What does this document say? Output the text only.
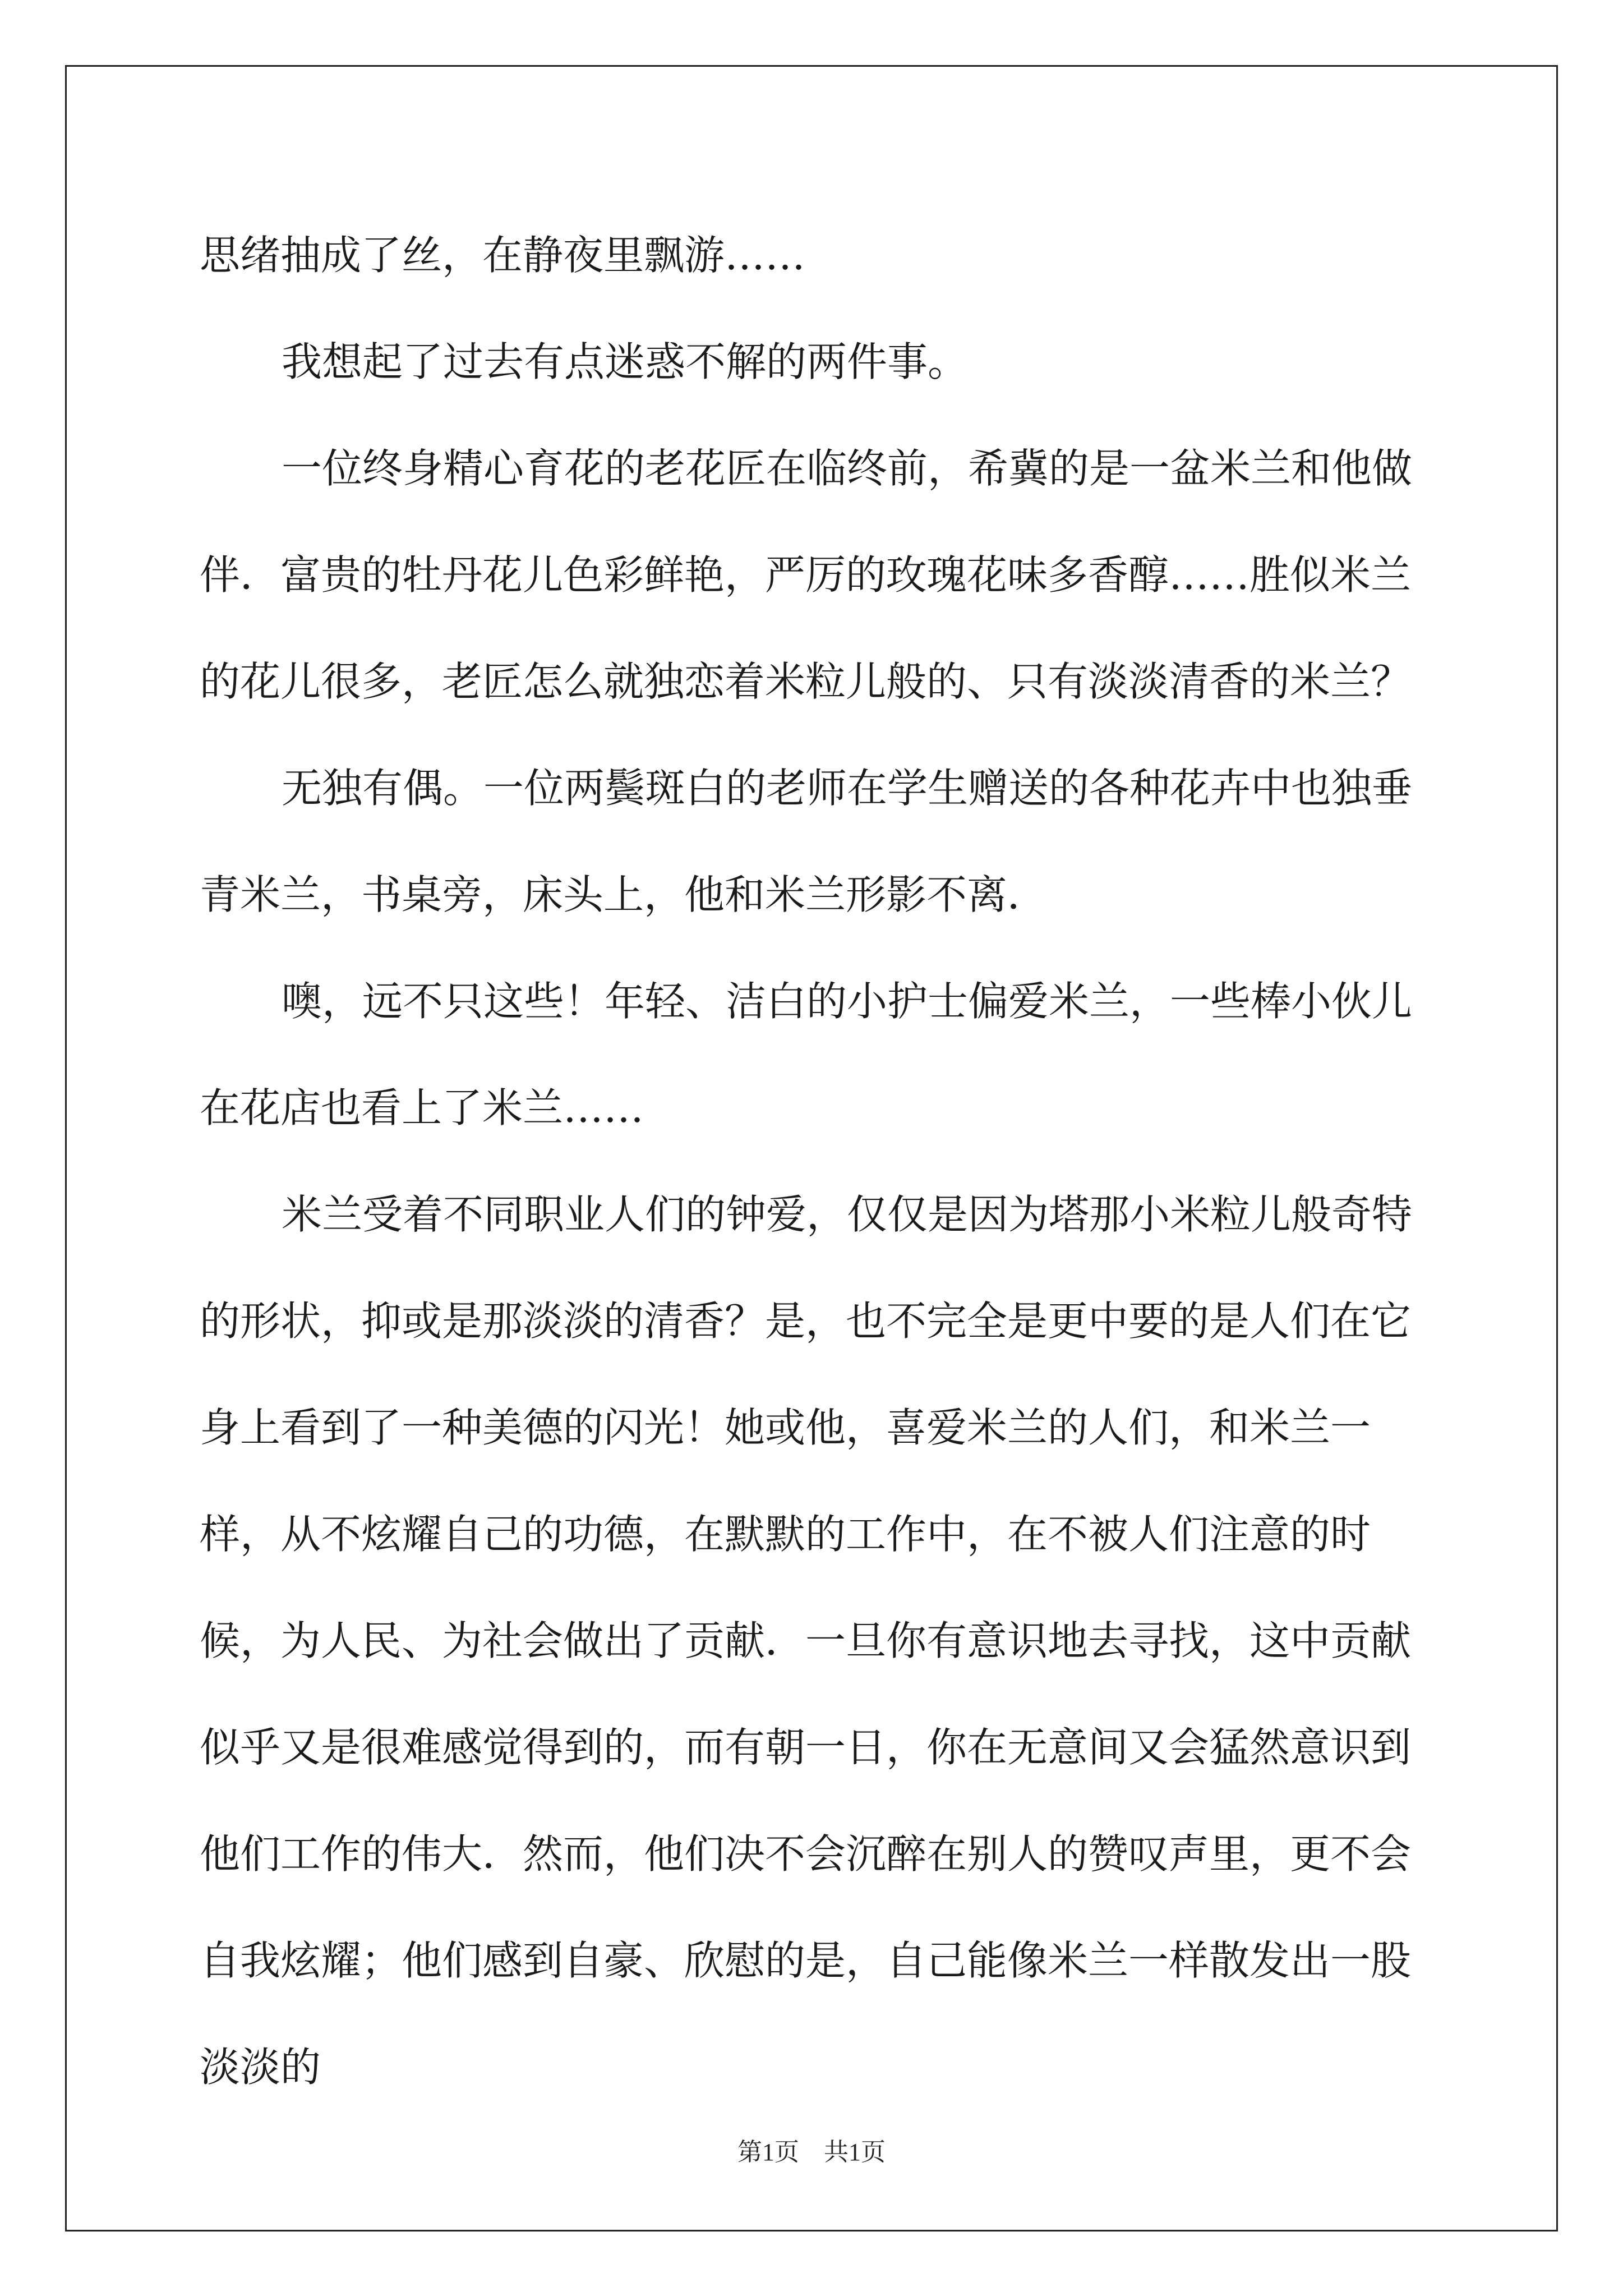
思绪抽成了丝，在静夜里飘游……

我想起了过去有点迷惑不解的两件事。

一位终身精心育花的老花匠在临终前，希冀的是一盆米兰和他做伴．富贵的牡丹花儿色彩鲜艳，严厉的玫瑰花味多香醇……胜似米兰的花儿很多，老匠怎么就独恋着米粒儿般的、只有淡淡清香的米兰？

无独有偶。一位两鬓斑白的老师在学生赠送的各种花卉中也独垂青米兰，书桌旁，床头上，他和米兰形影不离．

噢，远不只这些！年轻、洁白的小护士偏爱米兰，一些棒小伙儿在花店也看上了米兰……

米兰受着不同职业人们的钟爱，仅仅是因为塔那小米粒儿般奇特的形状，抑或是那淡淡的清香？是，也不完全是更中要的是人们在它身上看到了一种美德的闪光！她或他，喜爱米兰的人们，和米兰一样，从不炫耀自己的功德，在默默的工作中，在不被人们注意的时候，为人民、为社会做出了贡献．一旦你有意识地去寻找，这中贡献似乎又是很难感觉得到的，而有朝一日，你在无意间又会猛然意识到他们工作的伟大．然而，他们决不会沉醉在别人的赞叹声里，更不会自我炫耀；他们感到自豪、欣慰的是，自己能像米兰一样散发出一股淡淡的

第1页 共1页
